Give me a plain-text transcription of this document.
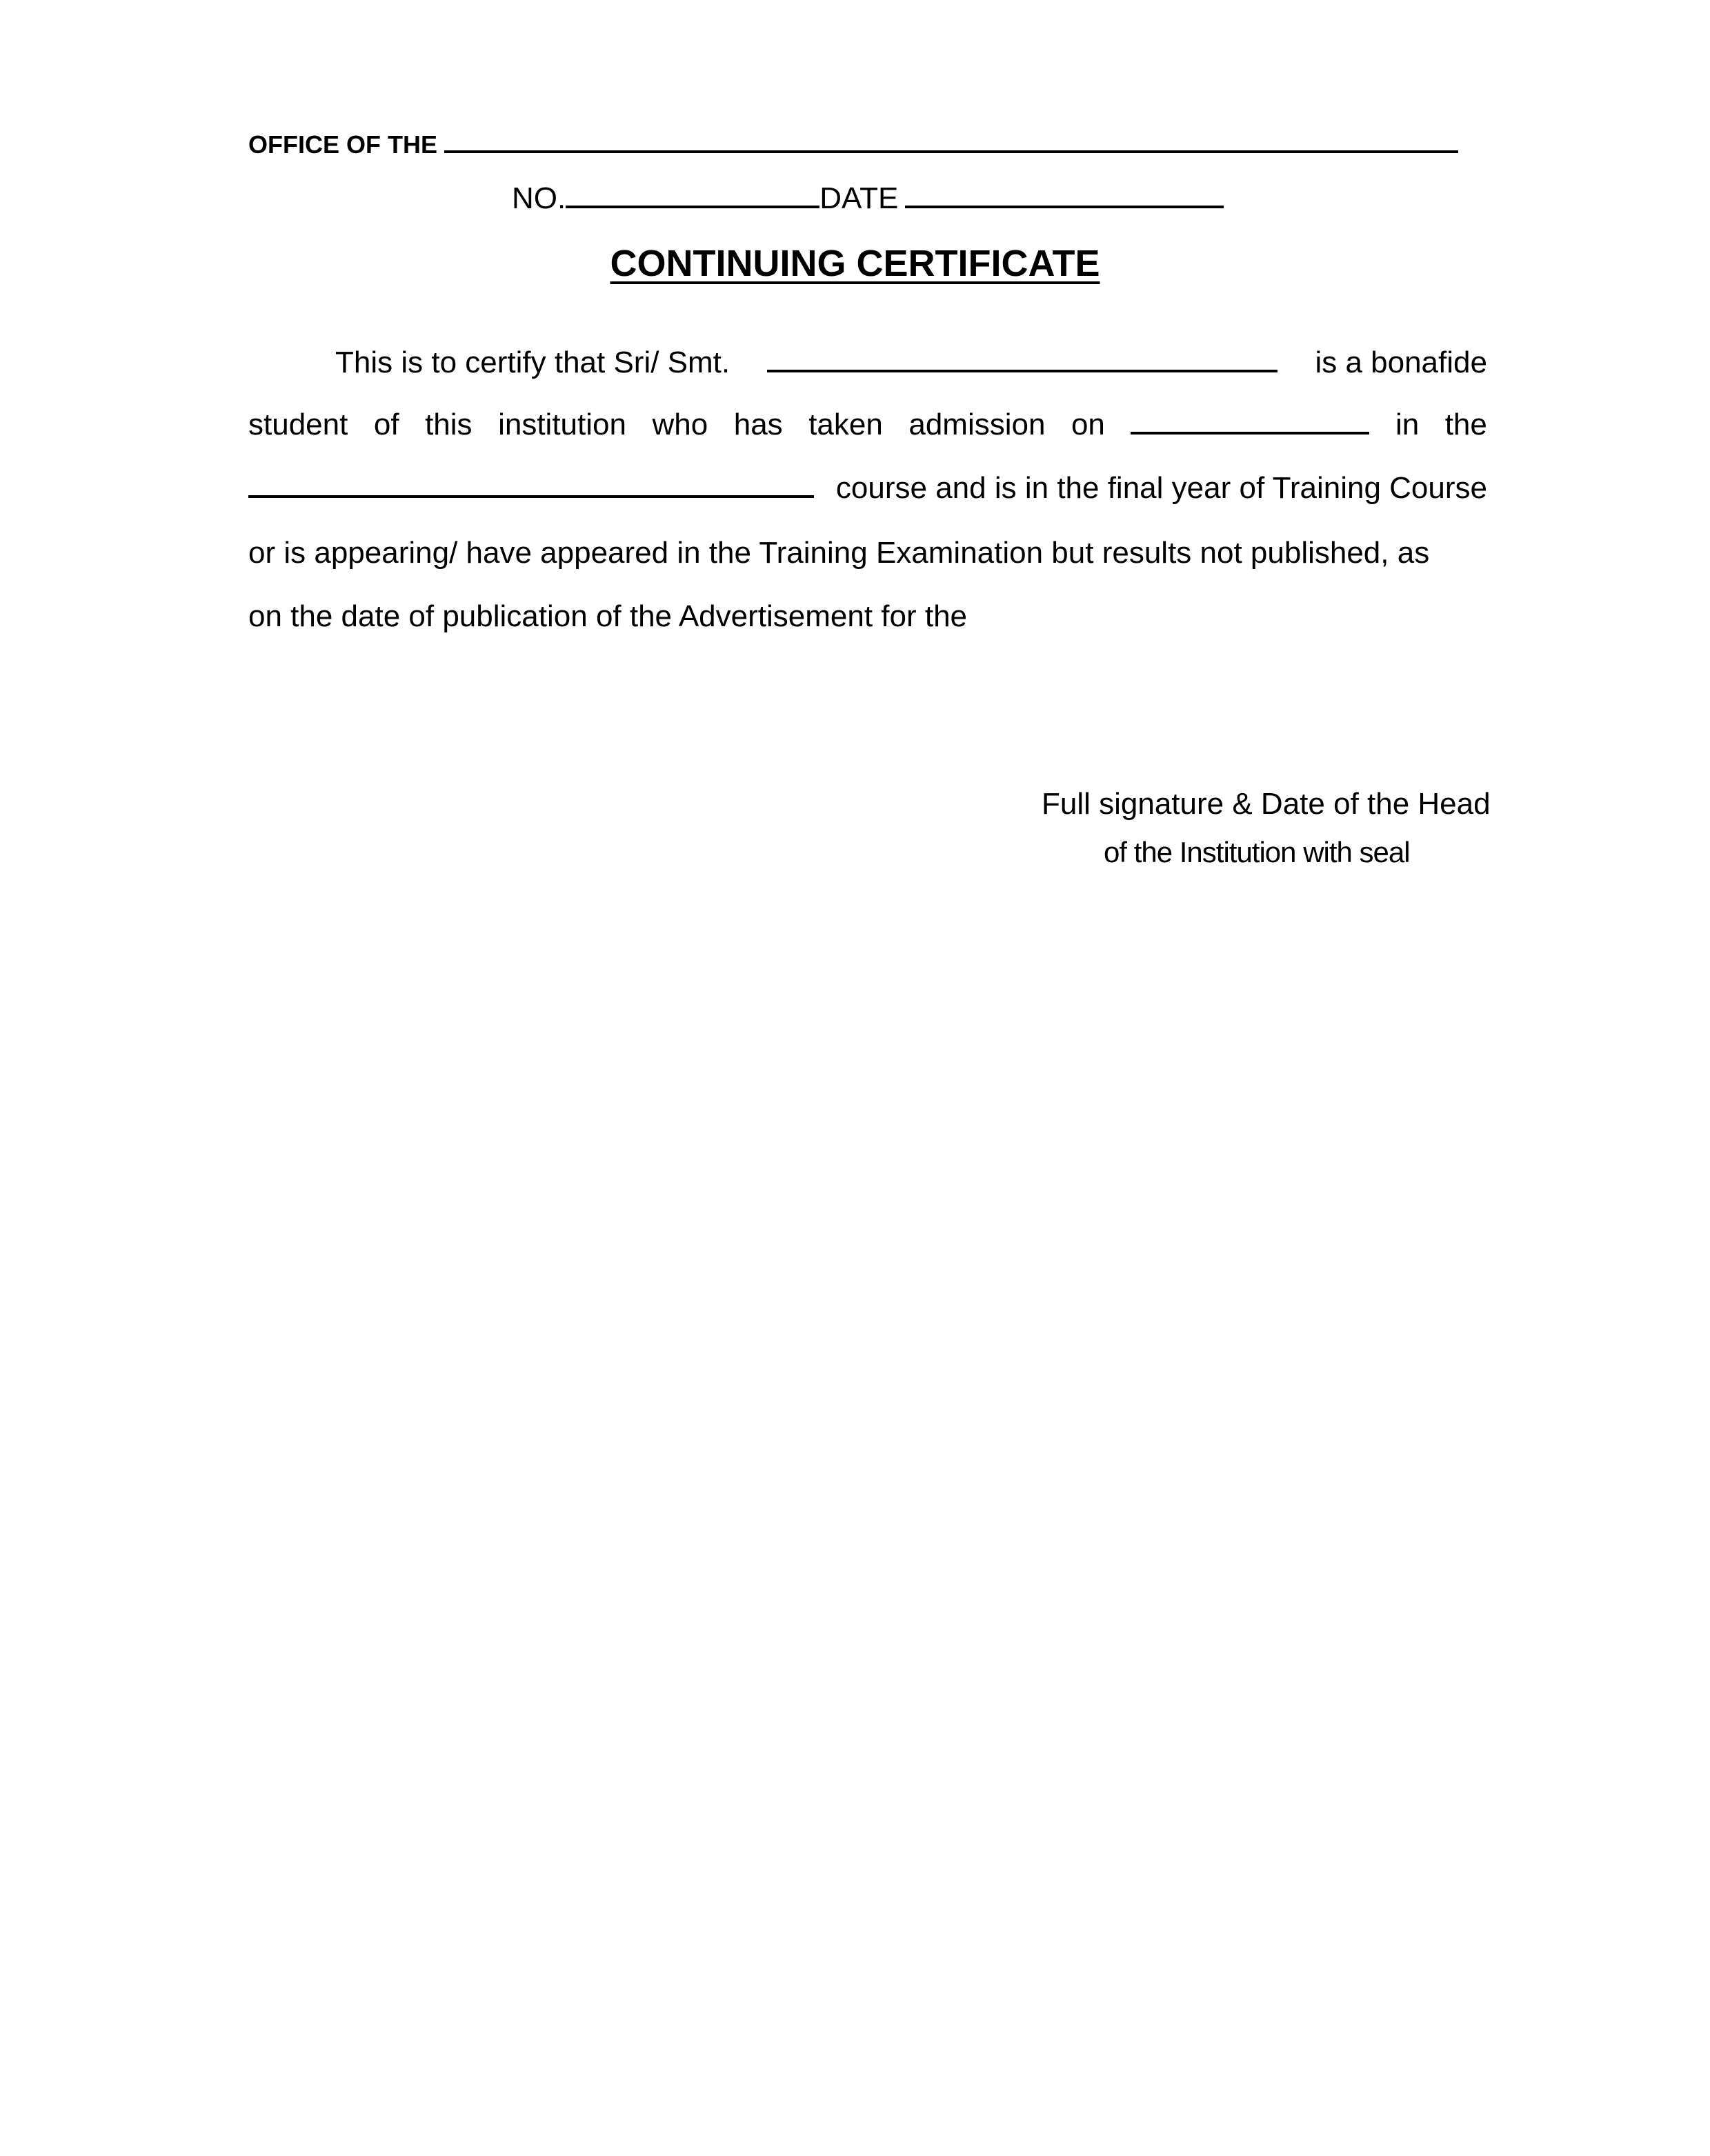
OFFICE OF THE
NO.	DATE
CONTINUING CERTIFICATE
This is to certify that Sri/ Smt.	is a bonafide
student of this institution who has taken admission on	in the
course and is in the final year of Training Course
or is appearing/ have appeared in the Training Examination but results not published, as
on the date of publication of the Advertisement for the
Full signature & Date of the Head
of the Institution with seal
